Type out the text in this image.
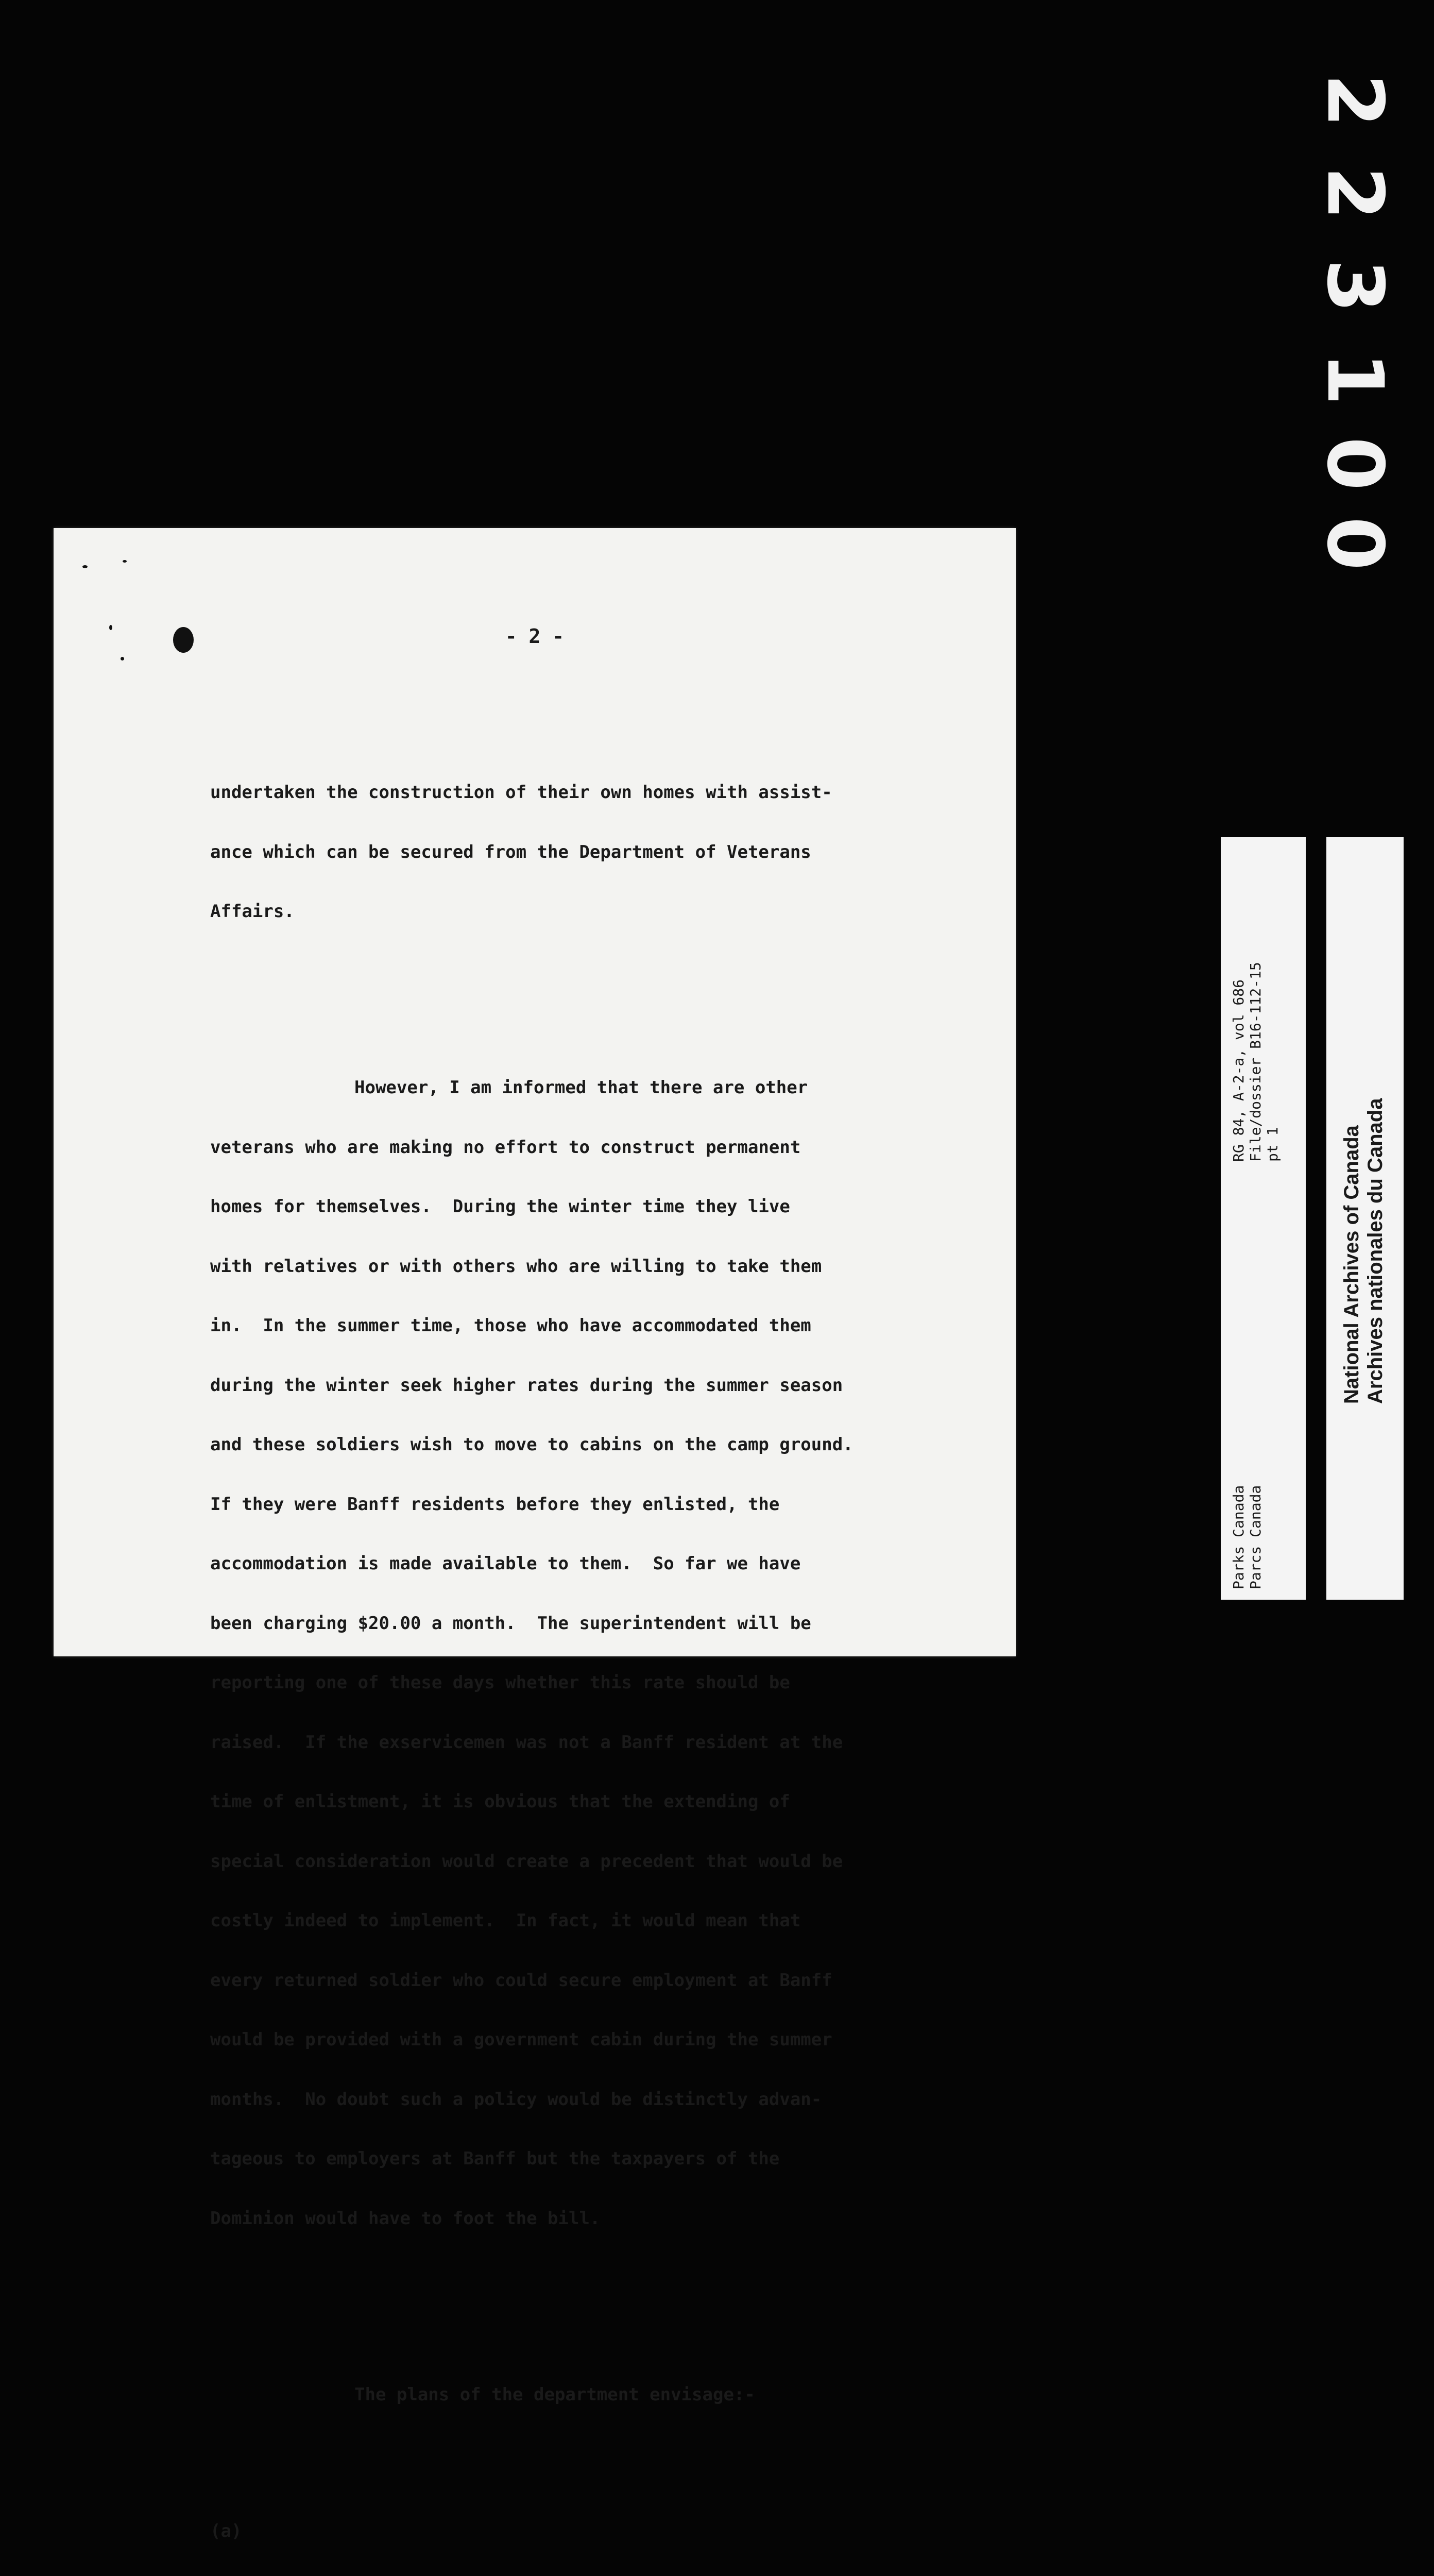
0
0
1
3
2
2
- 2 -

undertaken the construction of their own homes with assist-

ance which can be secured from the Department of Veterans

Affairs.

However, I am informed that there are other

veterans who are making no effort to construct permanent

homes for themselves.  During the winter time they live

with relatives or with others who are willing to take them

in.  In the summer time, those who have accommodated them

during the winter seek higher rates during the summer season

and these soldiers wish to move to cabins on the camp ground.

If they were Banff residents before they enlisted, the

accommodation is made available to them.  So far we have

been charging $20.00 a month.  The superintendent will be

reporting one of these days whether this rate should be

raised.  If the exservicemen was not a Banff resident at the

time of enlistment, it is obvious that the extending of

special consideration would create a precedent that would be

costly indeed to implement.  In fact, it would mean that

every returned soldier who could secure employment at Banff

would be provided with a government cabin during the summer

months.  No doubt such a policy would be distinctly advan-

tageous to employers at Banff but the taxpayers of the

Dominion would have to foot the bill.

The plans of the department envisage:-

(a)

RG 84, A-2-a, vol 686 File/dossier B16-112-15 pt 1
Parks Canada Parcs Canada
National Archives of Canada Archives nationales du Canada
